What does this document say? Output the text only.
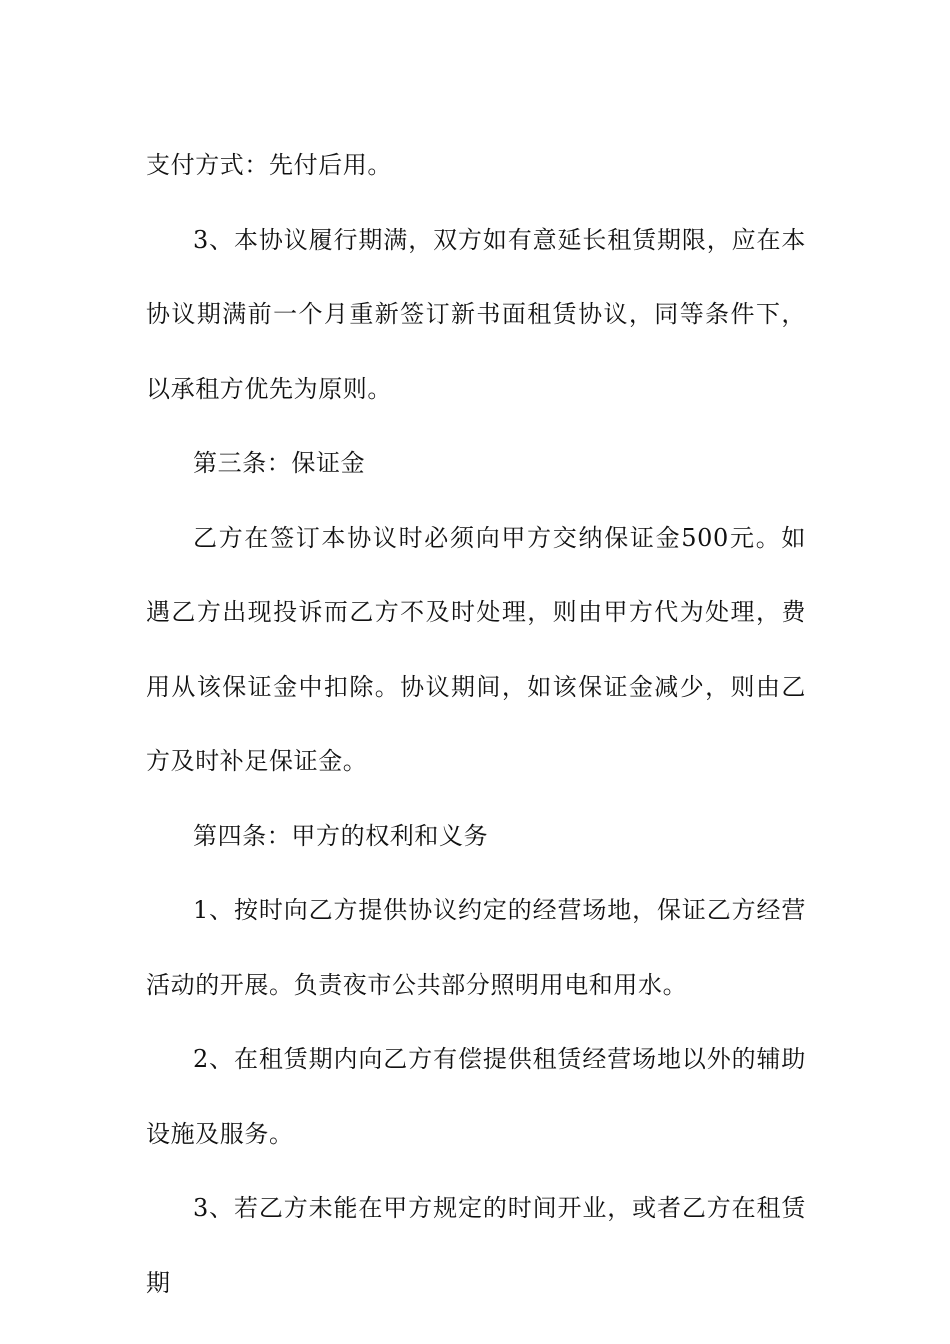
支付方式：先付后用。

3、本协议履行期满，双方如有意延长租赁期限，应在本协议期满前一个月重新签订新书面租赁协议，同等条件下，以承租方优先为原则。

第三条：保证金

乙方在签订本协议时必须向甲方交纳保证金500元。如遇乙方出现投诉而乙方不及时处理，则由甲方代为处理，费用从该保证金中扣除。协议期间，如该保证金减少，则由乙方及时补足保证金。

第四条：甲方的权利和义务

1、按时向乙方提供协议约定的经营场地，保证乙方经营活动的开展。负责夜市公共部分照明用电和用水。

2、在租赁期内向乙方有偿提供租赁经营场地以外的辅助设施及服务。

3、若乙方未能在甲方规定的时间开业，或者乙方在租赁期
